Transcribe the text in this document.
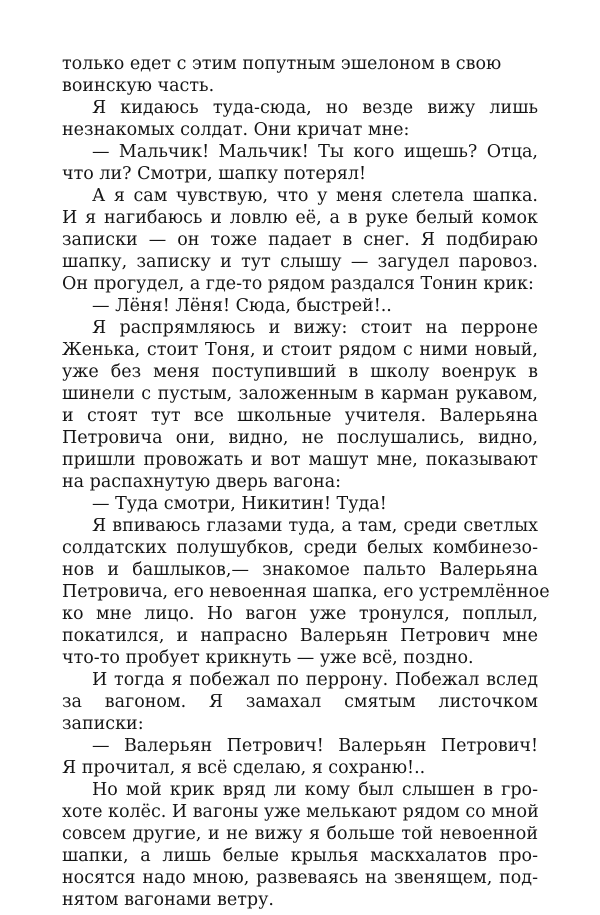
только едет с этим попутным эшелоном в свою
воинскую часть.
Я кидаюсь туда-сюда, но везде вижу лишь
незнакомых солдат. Они кричат мне:
— Мальчик! Мальчик! Ты кого ищешь? Отца,
что ли? Смотри, шапку потерял!
А я сам чувствую, что у меня слетела шапка.
И я нагибаюсь и ловлю её, а в руке белый комок
записки — он тоже падает в снег. Я подбираю
шапку, записку и тут слышу — загудел паровоз.
Он прогудел, а где-то рядом раздался Тонин крик:
— Лёня! Лёня! Сюда, быстрей!..
Я распрямляюсь и вижу: стоит на перроне
Женька, стоит Тоня, и стоит рядом с ними новый,
уже без меня поступивший в школу военрук в
шинели с пустым, заложенным в карман рукавом,
и стоят тут все школьные учителя. Валерьяна
Петровича они, видно, не послушались, видно,
пришли провожать и вот машут мне, показывают
на распахнутую дверь вагона:
— Туда смотри, Никитин! Туда!
Я впиваюсь глазами туда, а там, среди светлых
солдатских полушубков, среди белых комбинезо-
нов и башлыков,— знакомое пальто Валерьяна
Петровича, его невоенная шапка, его устремлённое
ко мне лицо. Но вагон уже тронулся, поплыл,
покатился, и напрасно Валерьян Петрович мне
что-то пробует крикнуть — уже всё, поздно.
И тогда я побежал по перрону. Побежал вслед
за вагоном. Я замахал смятым листочком
записки:
— Валерьян Петрович! Валерьян Петрович!
Я прочитал, я всё сделаю, я сохраню!..
Но мой крик вряд ли кому был слышен в гро-
хоте колёс. И вагоны уже мелькают рядом со мной
совсем другие, и не вижу я больше той невоенной
шапки, а лишь белые крылья маскхалатов про-
носятся надо мною, развеваясь на звенящем, под-
нятом вагонами ветру.
